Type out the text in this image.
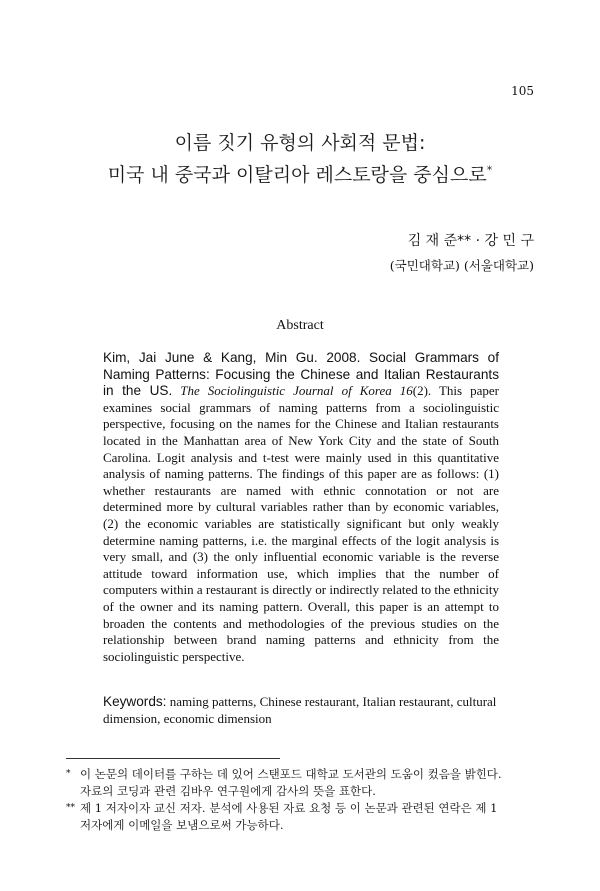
105
이름 짓기 유형의 사회적 문법:
미국 내 중국과 이탈리아 레스토랑을 중심으로*
김 재 준** · 강 민 구
(국민대학교) (서울대학교)
Abstract
Kim, Jai June & Kang, Min Gu. 2008. Social Grammars of Naming Patterns: Focusing the Chinese and Italian Restaurants in the US. The Sociolinguistic Journal of Korea 16(2). This paper examines social grammars of naming patterns from a sociolinguistic perspective, focusing on the names for the Chinese and Italian restaurants located in the Manhattan area of New York City and the state of South Carolina. Logit analysis and t-test were mainly used in this quantitative analysis of naming patterns. The findings of this paper are as follows: (1) whether restaurants are named with ethnic connotation or not are determined more by cultural variables rather than by economic variables, (2) the economic variables are statistically significant but only weakly determine naming patterns, i.e. the marginal effects of the logit analysis is very small, and (3) the only influential economic variable is the reverse attitude toward information use, which implies that the number of computers within a restaurant is directly or indirectly related to the ethnicity of the owner and its naming pattern. Overall, this paper is an attempt to broaden the contents and methodologies of the previous studies on the relationship between brand naming patterns and ethnicity from the sociolinguistic perspective.
Keywords: naming patterns, Chinese restaurant, Italian restaurant, cultural dimension, economic dimension
* 이 논문의 데이터를 구하는 데 있어 스탠포드 대학교 도서관의 도움이 컸음을 밝힌다.
자료의 코딩과 관련 김바우 연구원에게 감사의 뜻을 표한다.
** 제 1 저자이자 교신 저자. 분석에 사용된 자료 요청 등 이 논문과 관련된 연락은 제 1
저자에게 이메일을 보냄으로써 가능하다.
